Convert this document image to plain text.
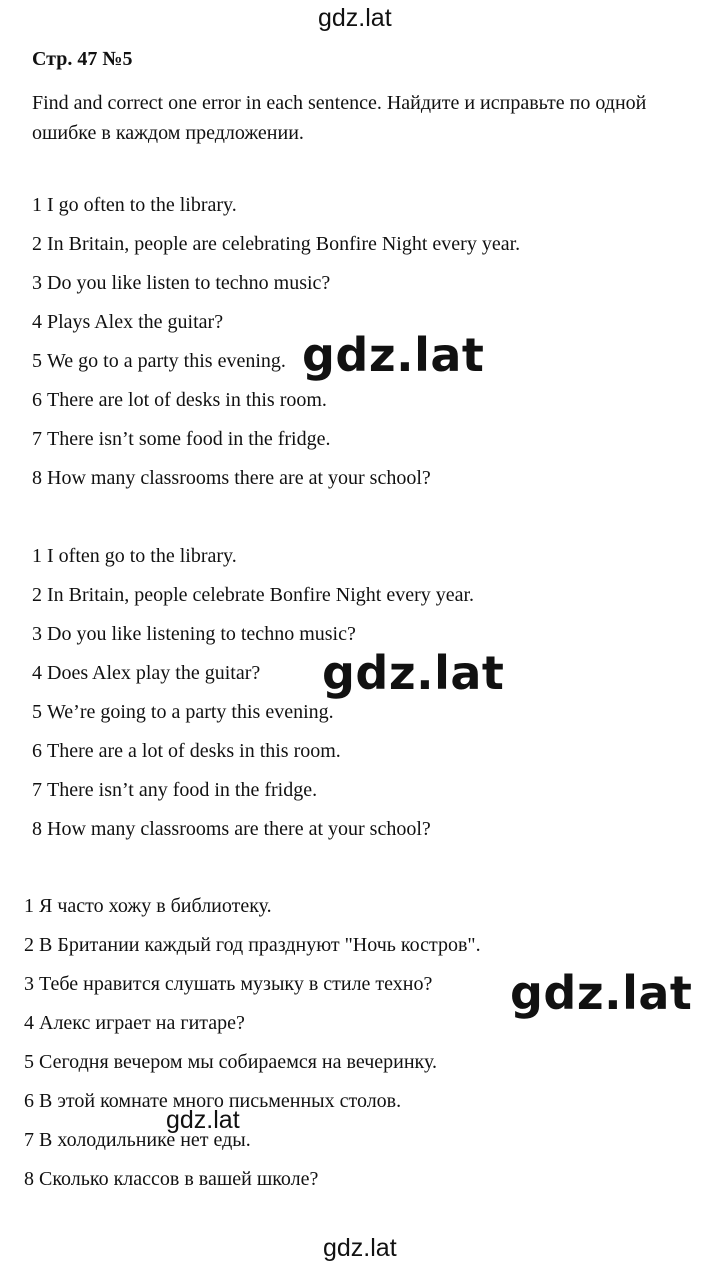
gdz.lat
Стр. 47 №5
Find and correct one error in each sentence. Найдите и исправьте по одной ошибке в каждом предложении.
1 I go often to the library.
2 In Britain, people are celebrating Bonfire Night every year.
3 Do you like listen to techno music?
4 Plays Alex the guitar?
5 We go to a party this evening.
6 There are lot of desks in this room.
7 There isn’t some food in the fridge.
8 How many classrooms there are at your school?
1 I often go to the library.
2 In Britain, people celebrate Bonfire Night every year.
3 Do you like listening to techno music?
4 Does Alex play the guitar?
5 We’re going to a party this evening.
6 There are a lot of desks in this room.
7 There isn’t any food in the fridge.
8 How many classrooms are there at your school?
1 Я часто хожу в библиотеку.
2 В Британии каждый год празднуют "Ночь костров".
3 Тебе нравится слушать музыку в стиле техно?
4 Алекс играет на гитаре?
5 Сегодня вечером мы собираемся на вечеринку.
6 В этой комнате много письменных столов.
7 В холодильнике нет еды.
8 Сколько классов в вашей школе?
gdz.lat
gdz.lat
gdz.lat
gdz.lat
gdz.lat
